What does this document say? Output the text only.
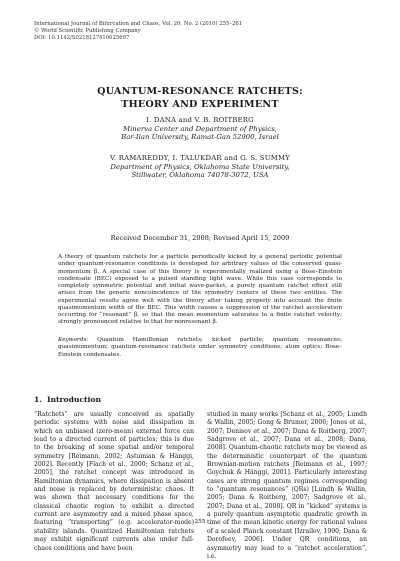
International Journal of Bifurcation and Chaos, Vol. 20, No. 2 (2010) 255–261
© World Scientific Publishing Company
DOI: 10.1142/S0218127410025697
QUANTUM-RESONANCE RATCHETS:
THEORY AND EXPERIMENT
I. DANA and V. B. ROITBERG
Minerva Center and Department of Physics,
Bar-Ilan University, Ramat-Gan 52900, Israel
V. RAMAREDDY, I. TALUKDAR and G. S. SUMMY
Department of Physics, Oklahoma State University,
Stillwater, Oklahoma 74078-3072, USA
Received December 31, 2008; Revised April 15, 2009

A theory of quantum ratchets for a particle periodically kicked by a general periodic potential under quantum-resonance conditions is developed for arbitrary values of the conserved quasi-momentum β. A special case of this theory is experimentally realized using a Bose–Einstein condensate (BEC) exposed to a pulsed standing light wave. While this case corresponds to completely symmetric potential and initial wave-packet, a purely quantum ratchet effect still arises from the generic noncoincidence of the symmetry centers of these two entities. The experimental results agree well with the theory after taking properly into account the finite quasimomentum width of the BEC. This width causes a suppression of the ratchet acceleration occurring for “resonant” β, so that the mean momentum saturates to a finite ratchet velocity; strongly pronounced relative to that for nonresonant β.

Keywords: Quantum Hamiltonian ratchets; kicked particle; quantum resonances; quasimomentum; quantum-resonance ratchets under symmetry conditions; atom optics; Bose–Einstein condensates.

1. Introduction

“Ratchets” are usually conceived as spatially periodic systems with noise and dissipation in which an unbiased (zero-mean) external force can lead to a directed current of particles; this is due to the breaking of some spatial and/or temporal symmetry [Reimann, 2002; Astumian & Hänggi, 2002]. Recently [Flach et al., 2000; Schanz et al., 2005], the ratchet concept was introduced in Hamiltonian dynamics, where dissipation is absent and noise is replaced by deterministic chaos. It was shown that necessary conditions for the classical chaotic region to exhibit a directed current are asymmetry and a mixed phase space, featuring “transporting” (e.g. accelerator-mode) stability islands. Quantized Hamiltonian ratchets may exhibit significant currents also under full-chaos conditions and have been

studied in many works [Schanz et al., 2005; Lundh & Wallin, 2005; Gong & Brumer, 2006; Jones et al., 2007; Denisov et al., 2007; Dana & Roitberg, 2007; Sadgrove et al., 2007; Dana et al., 2008; Dana, 2008]. Quantum-chaotic ratchets may be viewed as the deterministic counterpart of the quantum Brownian-motion ratchets [Reimann et al., 1997; Goychuk & Hänggi, 2001]. Particularly interesting cases are strong quantum regimes corresponding to “quantum resonances” (QRs) [Lundh & Wallin, 2005; Dana & Roitberg, 2007; Sadgrove et al., 2007; Dana et al., 2008]. QR in “kicked” systems is a purely quantum asymptotic quadratic growth in time of the mean kinetic energy for rational values of a scaled Planck constant [Izrailev, 1990; Dana & Dorofeev, 2006]. Under QR conditions, an asymmetry may lead to a “ratchet acceleration”, i.e.

255
